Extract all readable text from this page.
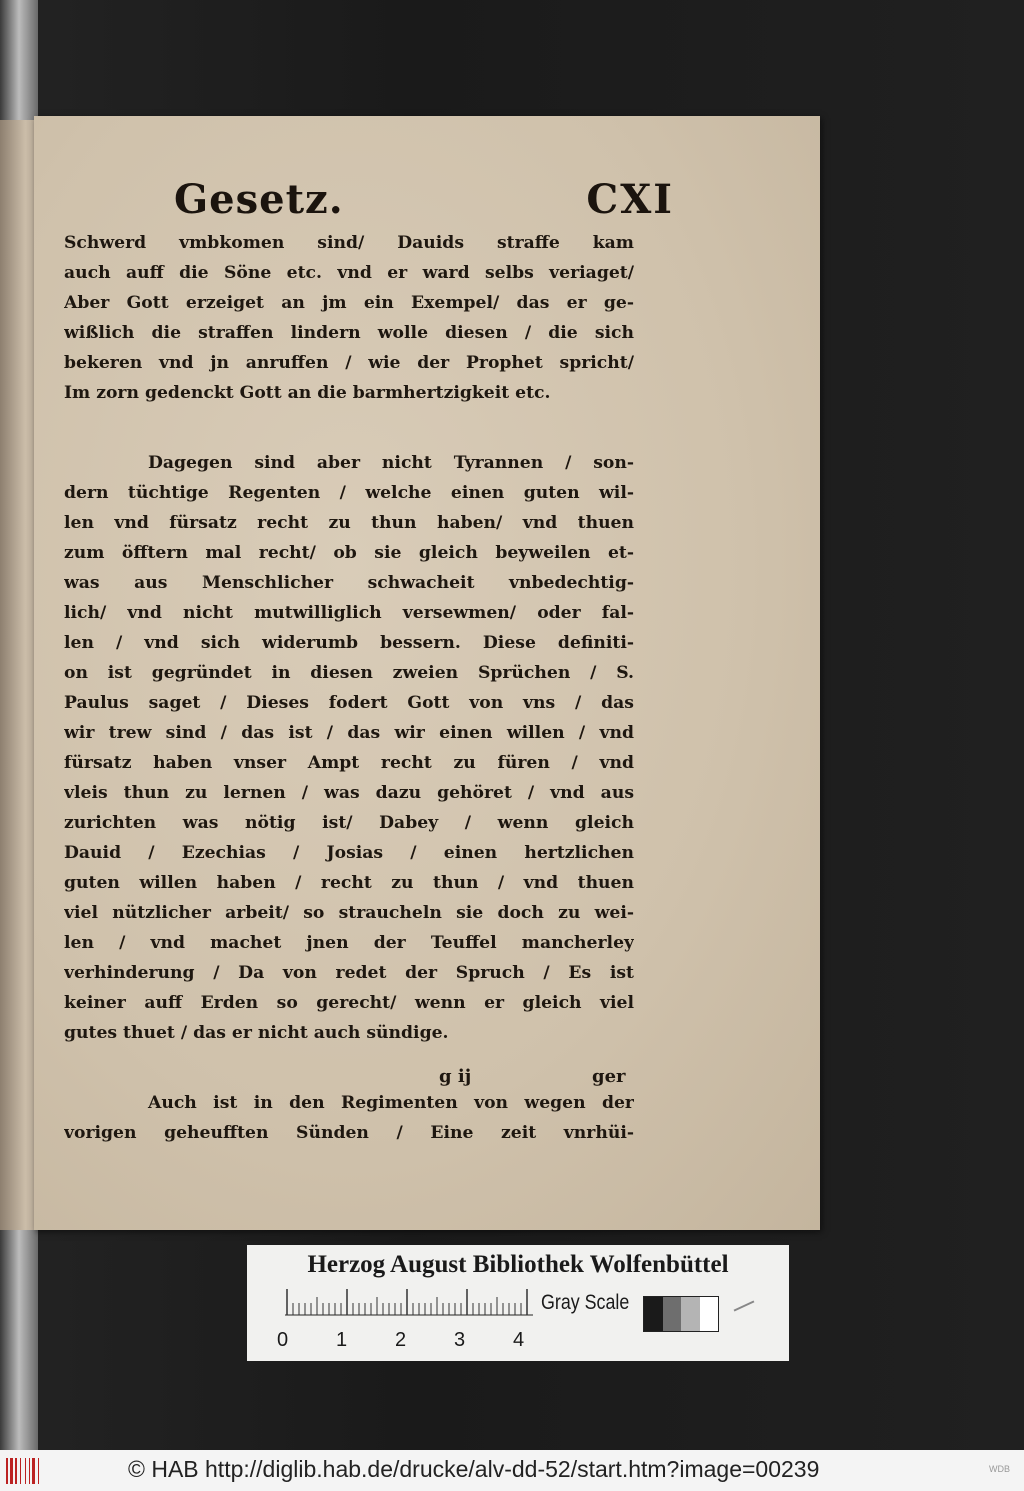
Gesetz.	CXI
Schwerd vmbkomen sind/ Dauids straffe kam
auch auff die Söne etc. vnd er ward selbs veriaget/
Aber Gott erzeiget an jm ein Exempel/ das er ge-
wißlich die straffen lindern wolle diesen / die sich
bekeren vnd jn anruffen / wie der Prophet spricht/
Im zorn gedenckt Gott an die barmhertzigkeit etc.
Dagegen sind aber nicht Tyrannen / son-
dern tüchtige Regenten / welche einen guten wil-
len vnd fürsatz recht zu thun haben/ vnd thuen
zum öfftern mal recht/ ob sie gleich beyweilen et-
was aus Menschlicher schwacheit vnbedechtig-
lich/ vnd nicht mutwilliglich versewmen/ oder fal-
len / vnd sich widerumb bessern. Diese definiti-
on ist gegründet in diesen zweien Sprüchen / S.
Paulus saget / Dieses fodert Gott von vns / das
wir trew sind / das ist / das wir einen willen / vnd
fürsatz haben vnser Ampt recht zu füren / vnd
vleis thun zu lernen / was dazu gehöret / vnd aus
zurichten was nötig ist/ Dabey / wenn gleich
Dauid / Ezechias / Josias / einen hertzlichen
guten willen haben / recht zu thun / vnd thuen
viel nützlicher arbeit/ so straucheln sie doch zu wei-
len / vnd machet jnen der Teuffel mancherley
verhinderung / Da von redet der Spruch / Es ist
keiner auff Erden so gerecht/ wenn er gleich viel
gutes thuet / das er nicht auch sündige.
Auch ist in den Regimenten von wegen der
vorigen geheufften Sünden / Eine zeit vnrhüi-
g ij	ger
Herzog August Bibliothek Wolfenbüttel
0 1 2 3 4
Gray Scale
© HAB http://diglib.hab.de/drucke/alv-dd-52/start.htm?image=00239	WDB
